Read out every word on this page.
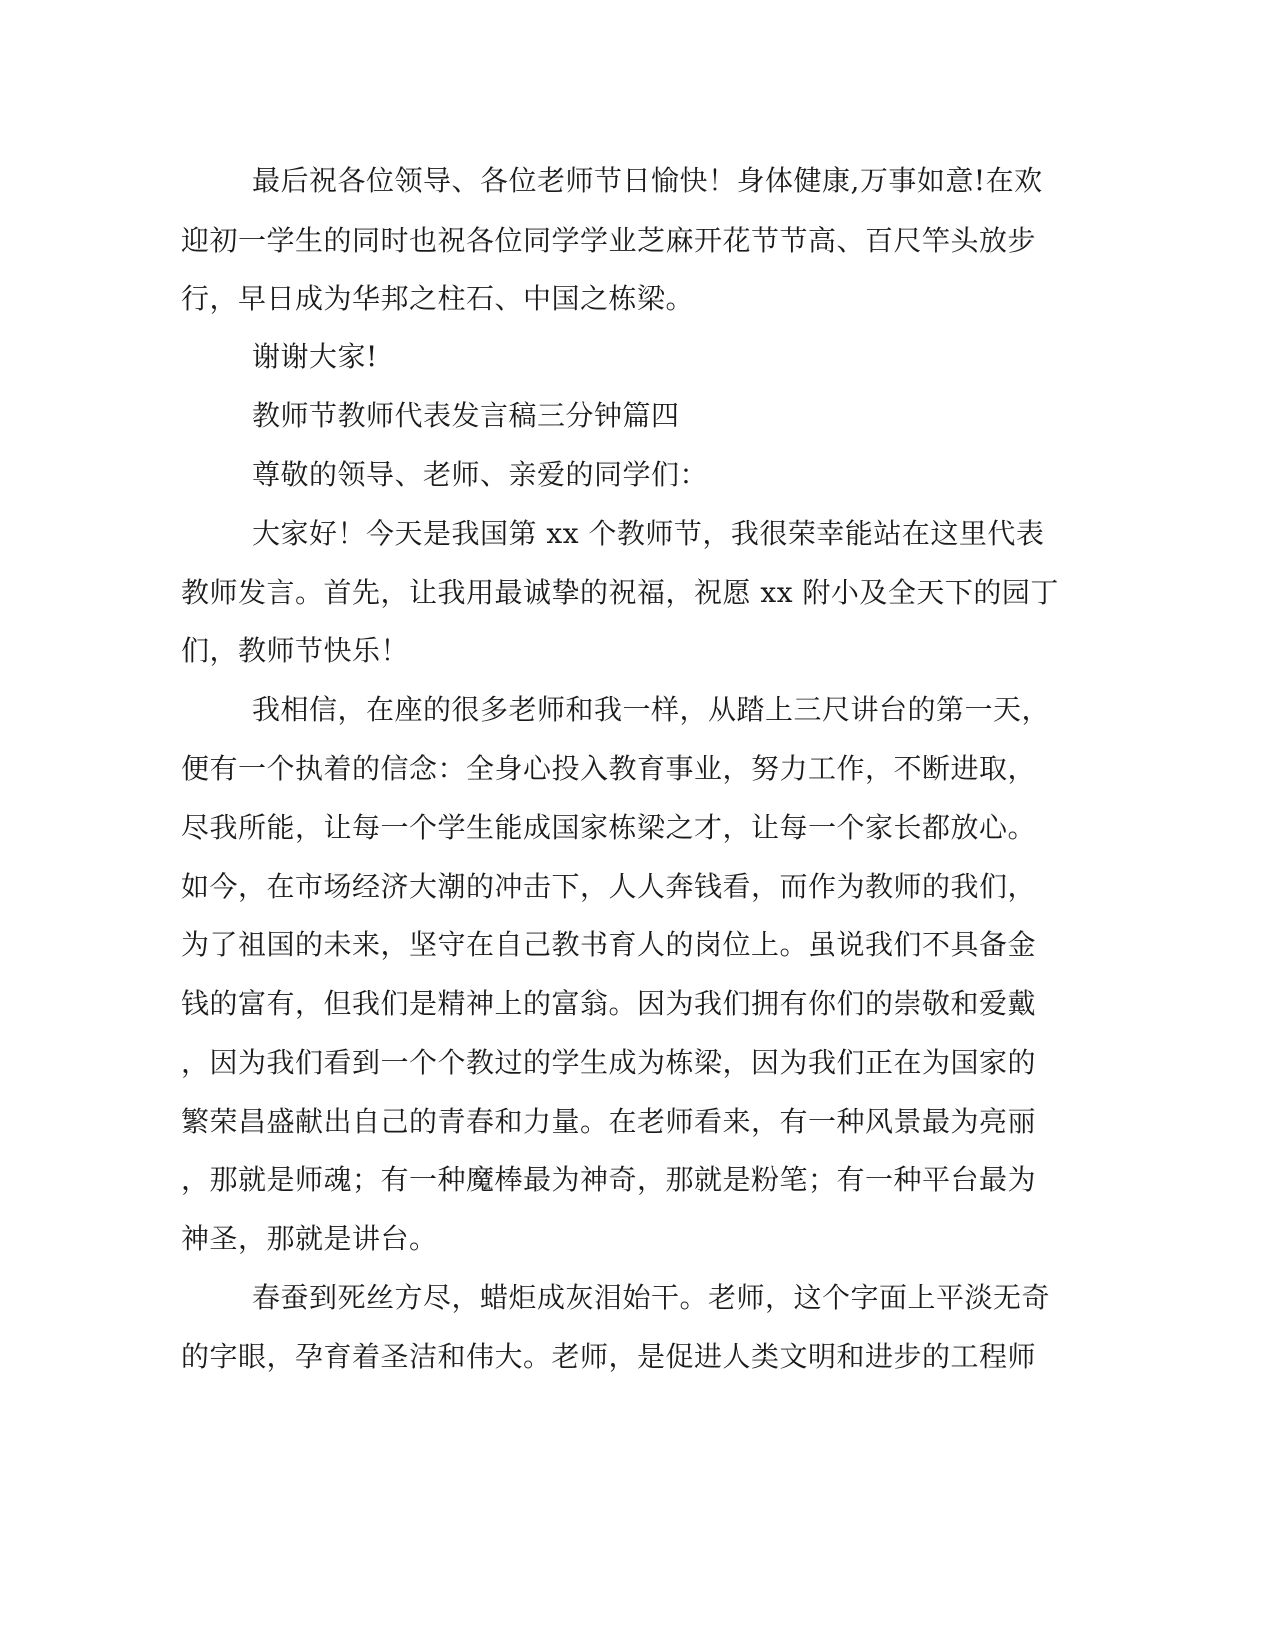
最后祝各位领导、各位老师节日愉快！身体健康,万事如意!在欢
迎初一学生的同时也祝各位同学学业芝麻开花节节高、百尺竿头放步
行，早日成为华邦之柱石、中国之栋梁。
谢谢大家!
教师节教师代表发言稿三分钟篇四
尊敬的领导、老师、亲爱的同学们：
大家好！今天是我国第 xx 个教师节，我很荣幸能站在这里代表
教师发言。首先，让我用最诚挚的祝福，祝愿 xx 附小及全天下的园丁
们，教师节快乐！
我相信，在座的很多老师和我一样，从踏上三尺讲台的第一天，
便有一个执着的信念：全身心投入教育事业，努力工作，不断进取，
尽我所能，让每一个学生能成国家栋梁之才，让每一个家长都放心。
如今，在市场经济大潮的冲击下，人人奔钱看，而作为教师的我们，
为了祖国的未来，坚守在自己教书育人的岗位上。虽说我们不具备金
钱的富有，但我们是精神上的富翁。因为我们拥有你们的崇敬和爱戴
，因为我们看到一个个教过的学生成为栋梁，因为我们正在为国家的
繁荣昌盛献出自己的青春和力量。在老师看来，有一种风景最为亮丽
，那就是师魂；有一种魔棒最为神奇，那就是粉笔；有一种平台最为
神圣，那就是讲台。
春蚕到死丝方尽，蜡炬成灰泪始干。老师，这个字面上平淡无奇
的字眼，孕育着圣洁和伟大。老师，是促进人类文明和进步的工程师
